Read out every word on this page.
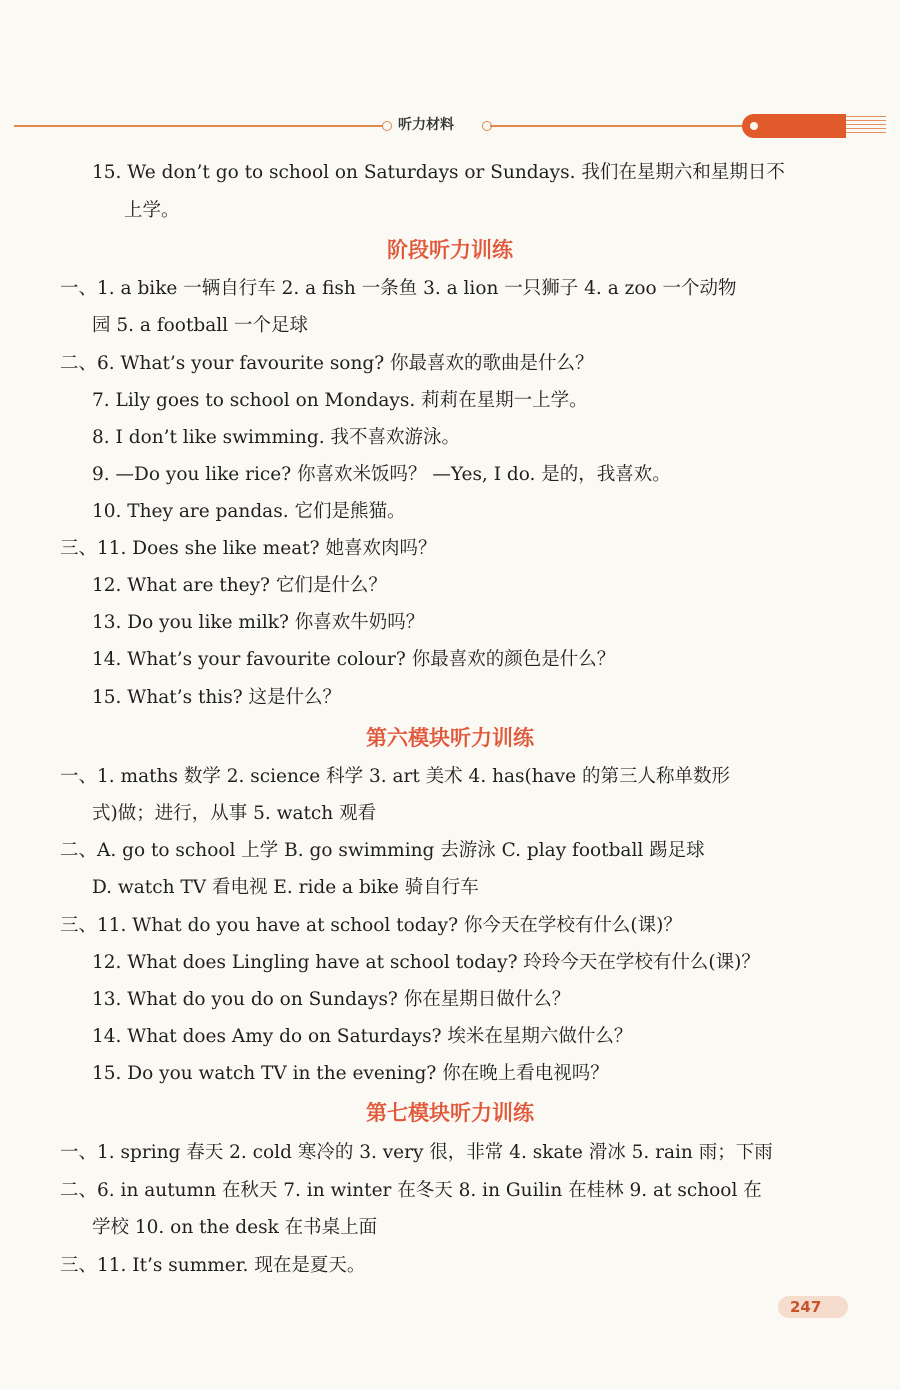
听力材料
15. We don’t go to school on Saturdays or Sundays. 我们在星期六和星期日不
上学。
阶段听力训练
一、1. a bike 一辆自行车 2. a fish 一条鱼 3. a lion 一只狮子 4. a zoo 一个动物
园 5. a football 一个足球
二、6. What’s your favourite song? 你最喜欢的歌曲是什么？
7. Lily goes to school on Mondays. 莉莉在星期一上学。
8. I don’t like swimming. 我不喜欢游泳。
9. —Do you like rice? 你喜欢米饭吗？ —Yes, I do. 是的，我喜欢。
10. They are pandas. 它们是熊猫。
三、11. Does she like meat? 她喜欢肉吗？
12. What are they? 它们是什么？
13. Do you like milk? 你喜欢牛奶吗？
14. What’s your favourite colour? 你最喜欢的颜色是什么？
15. What’s this? 这是什么？
第六模块听力训练
一、1. maths 数学 2. science 科学 3. art 美术 4. has(have 的第三人称单数形
式)做；进行，从事 5. watch 观看
二、A. go to school 上学 B. go swimming 去游泳 C. play football 踢足球
D. watch TV 看电视 E. ride a bike 骑自行车
三、11. What do you have at school today? 你今天在学校有什么(课)？
12. What does Lingling have at school today? 玲玲今天在学校有什么(课)？
13. What do you do on Sundays? 你在星期日做什么？
14. What does Amy do on Saturdays? 埃米在星期六做什么？
15. Do you watch TV in the evening? 你在晚上看电视吗？
第七模块听力训练
一、1. spring 春天 2. cold 寒冷的 3. very 很，非常 4. skate 滑冰 5. rain 雨；下雨
二、6. in autumn 在秋天 7. in winter 在冬天 8. in Guilin 在桂林 9. at school 在
学校 10. on the desk 在书桌上面
三、11. It’s summer. 现在是夏天。
247
